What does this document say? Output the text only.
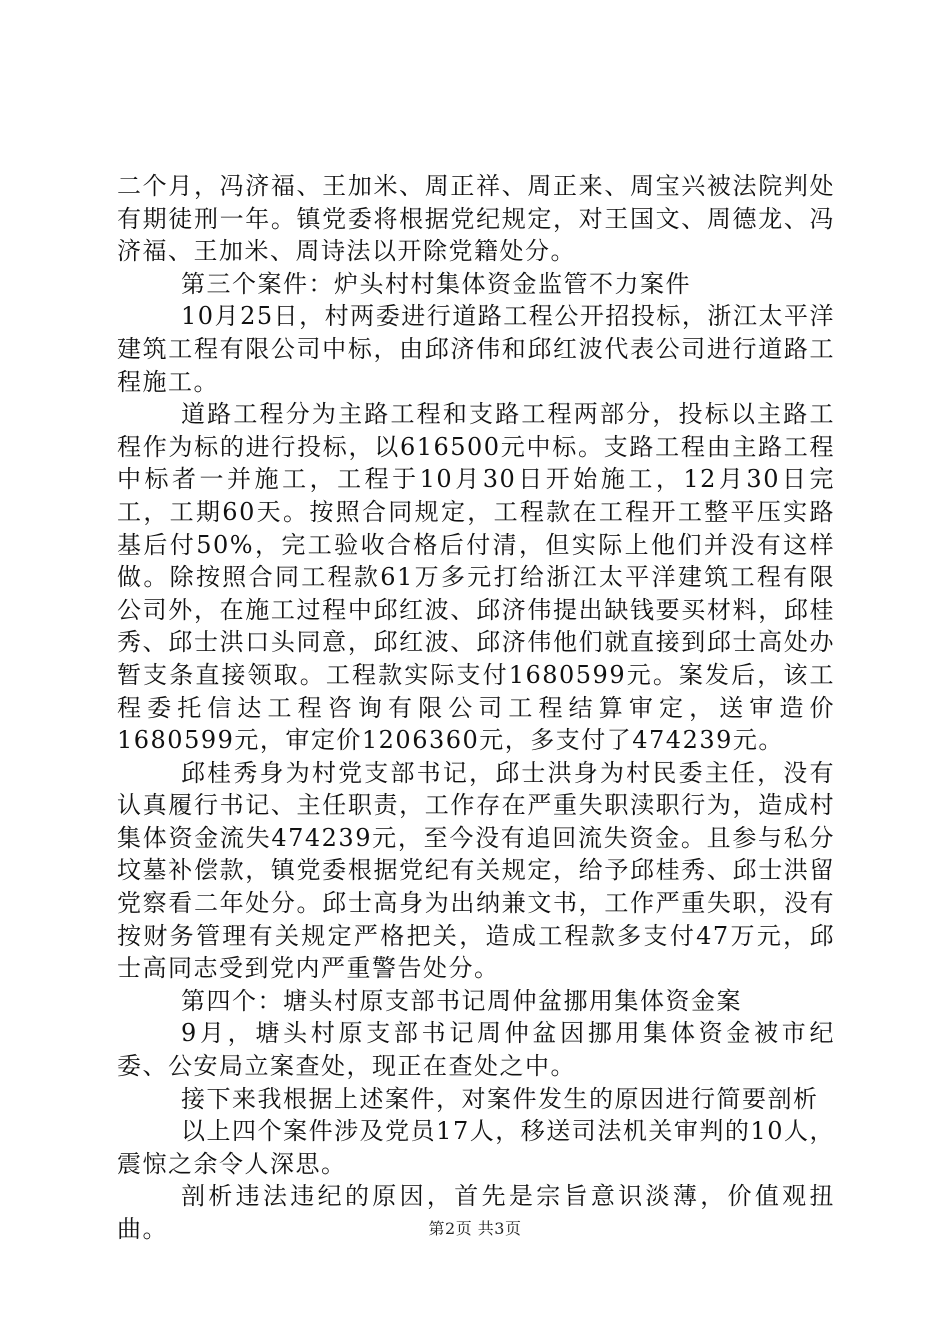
二个月，冯济福、王加米、周正祥、周正来、周宝兴被法院判处有期徒刑一年。镇党委将根据党纪规定，对王国文、周德龙、冯济福、王加米、周诗法以开除党籍处分。

第三个案件：炉头村村集体资金监管不力案件

10月25日，村两委进行道路工程公开招投标，浙江太平洋建筑工程有限公司中标，由邱济伟和邱红波代表公司进行道路工程施工。

道路工程分为主路工程和支路工程两部分，投标以主路工程作为标的进行投标，以616500元中标。支路工程由主路工程中标者一并施工，工程于10月30日开始施工，12月30日完工，工期60天。按照合同规定，工程款在工程开工整平压实路基后付50%，完工验收合格后付清，但实际上他们并没有这样做。除按照合同工程款61万多元打给浙江太平洋建筑工程有限公司外，在施工过程中邱红波、邱济伟提出缺钱要买材料，邱桂秀、邱士洪口头同意，邱红波、邱济伟他们就直接到邱士高处办暂支条直接领取。工程款实际支付1680599元。案发后，该工程委托信达工程咨询有限公司工程结算审定，送审造价1680599元，审定价1206360元，多支付了474239元。

邱桂秀身为村党支部书记，邱士洪身为村民委主任，没有认真履行书记、主任职责，工作存在严重失职渎职行为，造成村集体资金流失474239元，至今没有追回流失资金。且参与私分坟墓补偿款，镇党委根据党纪有关规定，给予邱桂秀、邱士洪留党察看二年处分。邱士高身为出纳兼文书，工作严重失职，没有按财务管理有关规定严格把关，造成工程款多支付47万元，邱士高同志受到党内严重警告处分。

第四个：塘头村原支部书记周仲盆挪用集体资金案

9月，塘头村原支部书记周仲盆因挪用集体资金被市纪委、公安局立案查处，现正在查处之中。

接下来我根据上述案件，对案件发生的原因进行简要剖析

以上四个案件涉及党员17人，移送司法机关审判的10人，震惊之余令人深思。

剖析违法违纪的原因，首先是宗旨意识淡薄，价值观扭曲。	第2页 共3页
